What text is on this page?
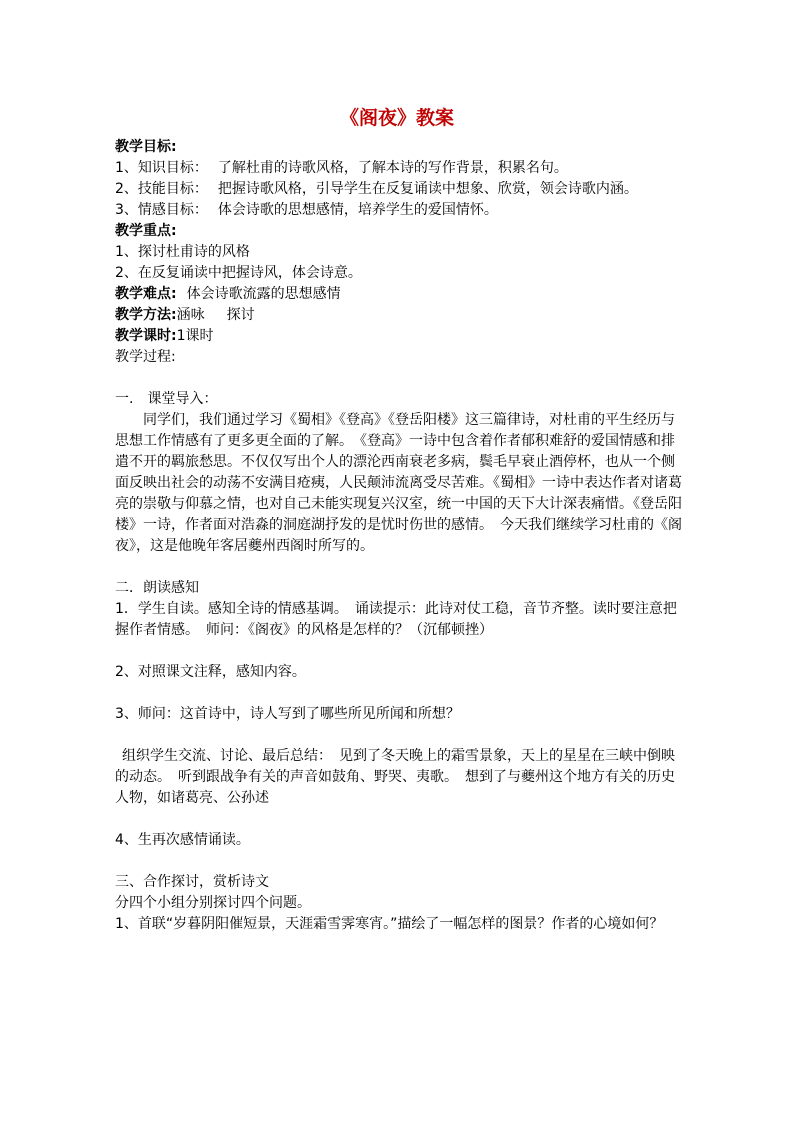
《阁夜》教案

教学目标:

1、知识目标： 了解杜甫的诗歌风格，了解本诗的写作背景，积累名句。

2、技能目标： 把握诗歌风格，引导学生在反复诵读中想象、欣赏，领会诗歌内涵。

3、情感目标： 体会诗歌的思想感情，培养学生的爱国情怀。

教学重点:

1、探讨杜甫诗的风格

2、在反复诵读中把握诗风，体会诗意。

教学难点: 体会诗歌流露的思想感情

教学方法:涵咏 探讨

教学课时:1课时

教学过程:

一.　课堂导入：

同学们，我们通过学习《蜀相》《登高》《登岳阳楼》这三篇律诗，对杜甫的平生经历与思想工作情感有了更多更全面的了解。　《登高》一诗中包含着作者郁积难舒的爱国情感和排遣不开的羁旅愁思。不仅仅写出个人的漂沦西南衰老多病，鬓毛早衰止酒停杯，也从一个侧面反映出社会的动荡不安满目疮痍，人民颠沛流离受尽苦难。《蜀相》一诗中表达作者对诸葛亮的崇敬与仰慕之情，也对自己未能实现复兴汉室，统一中国的天下大计深表痛惜。《登岳阳楼》一诗，作者面对浩淼的洞庭湖抒发的是忧时伤世的感情。　今天我们继续学习杜甫的《阁夜》，这是他晚年客居夔州西阁时所写的。

二．朗读感知

1．学生自读。感知全诗的情感基调。　诵读提示：此诗对仗工稳，音节齐整。读时要注意把握作者情感。　师问：《阁夜》的风格是怎样的？（沉郁顿挫）

2、对照课文注释，感知内容。

3、师问：这首诗中，诗人写到了哪些所见所闻和所想？

组织学生交流、讨论、最后总结：　见到了冬天晚上的霜雪景象，天上的星星在三峡中倒映的动态。　听到跟战争有关的声音如鼓角、野哭、夷歌。　想到了与夔州这个地方有关的历史人物，如诸葛亮、公孙述

4、生再次感情诵读。

三、合作探讨，赏析诗文

分四个小组分别探讨四个问题。

1、首联“岁暮阴阳催短景，天涯霜雪霁寒宵。”描绘了一幅怎样的图景？作者的心境如何？
